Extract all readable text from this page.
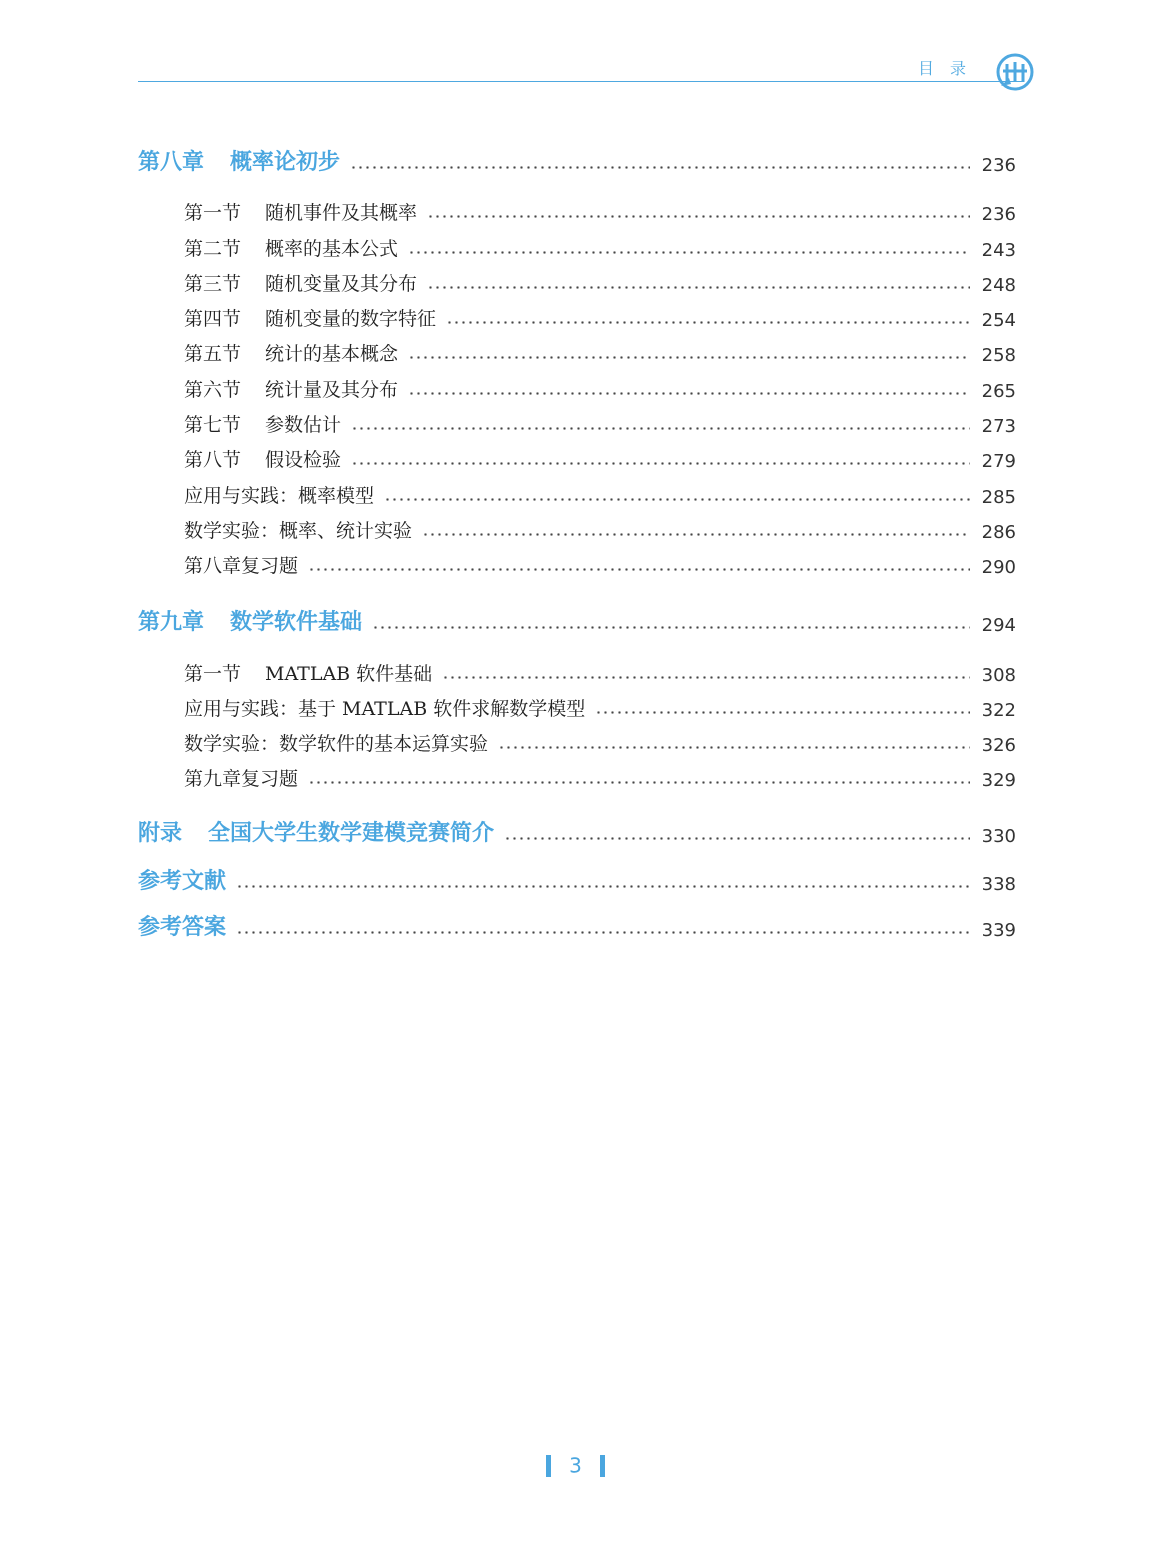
目录
第八章 概率论初步	236
第一节 随机事件及其概率	236
第二节 概率的基本公式	243
第三节 随机变量及其分布	248
第四节 随机变量的数字特征	254
第五节 统计的基本概念	258
第六节 统计量及其分布	265
第七节 参数估计	273
第八节 假设检验	279
应用与实践：概率模型	285
数学实验：概率、统计实验	286
第八章复习题	290
第九章 数学软件基础	294
第一节 MATLAB 软件基础	308
应用与实践：基于 MATLAB 软件求解数学模型	322
数学实验：数学软件的基本运算实验	326
第九章复习题	329
附录 全国大学生数学建模竞赛简介	330
参考文献	338
参考答案	339
3
